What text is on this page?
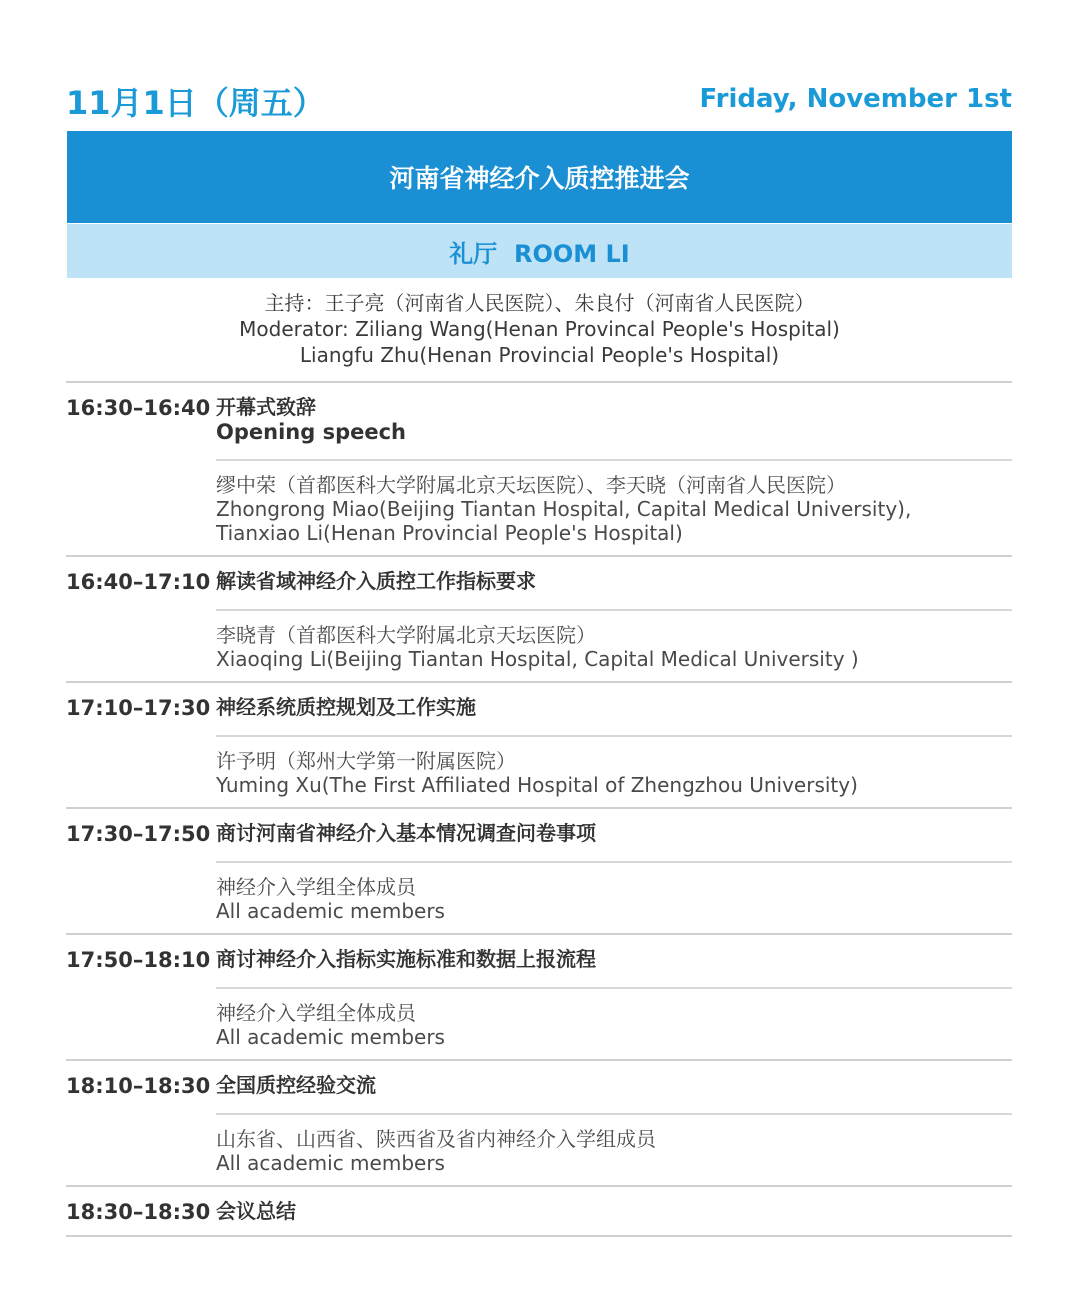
11月1日（周五）	Friday, November 1st
河南省神经介入质控推进会
礼厅  ROOM LI
主持：王子亮（河南省人民医院）、朱良付（河南省人民医院）
Moderator: Ziliang Wang(Henan Provincal People's Hospital)
Liangfu Zhu(Henan Provincial People's Hospital)
16:30–16:40 开幕式致辞
Opening speech
缪中荣（首都医科大学附属北京天坛医院）、李天晓（河南省人民医院）
Zhongrong Miao(Beijing Tiantan Hospital, Capital Medical University),
Tianxiao Li(Henan Provincial People's Hospital)
16:40–17:10 解读省域神经介入质控工作指标要求
李晓青（首都医科大学附属北京天坛医院）
Xiaoqing Li(Beijing Tiantan Hospital, Capital Medical University )
17:10–17:30 神经系统质控规划及工作实施
许予明（郑州大学第一附属医院）
Yuming Xu(The First Affiliated Hospital of Zhengzhou University)
17:30–17:50 商讨河南省神经介入基本情况调查问卷事项
神经介入学组全体成员
All academic members
17:50–18:10 商讨神经介入指标实施标准和数据上报流程
神经介入学组全体成员
All academic members
18:10–18:30 全国质控经验交流
山东省、山西省、陕西省及省内神经介入学组成员
All academic members
18:30–18:30 会议总结
